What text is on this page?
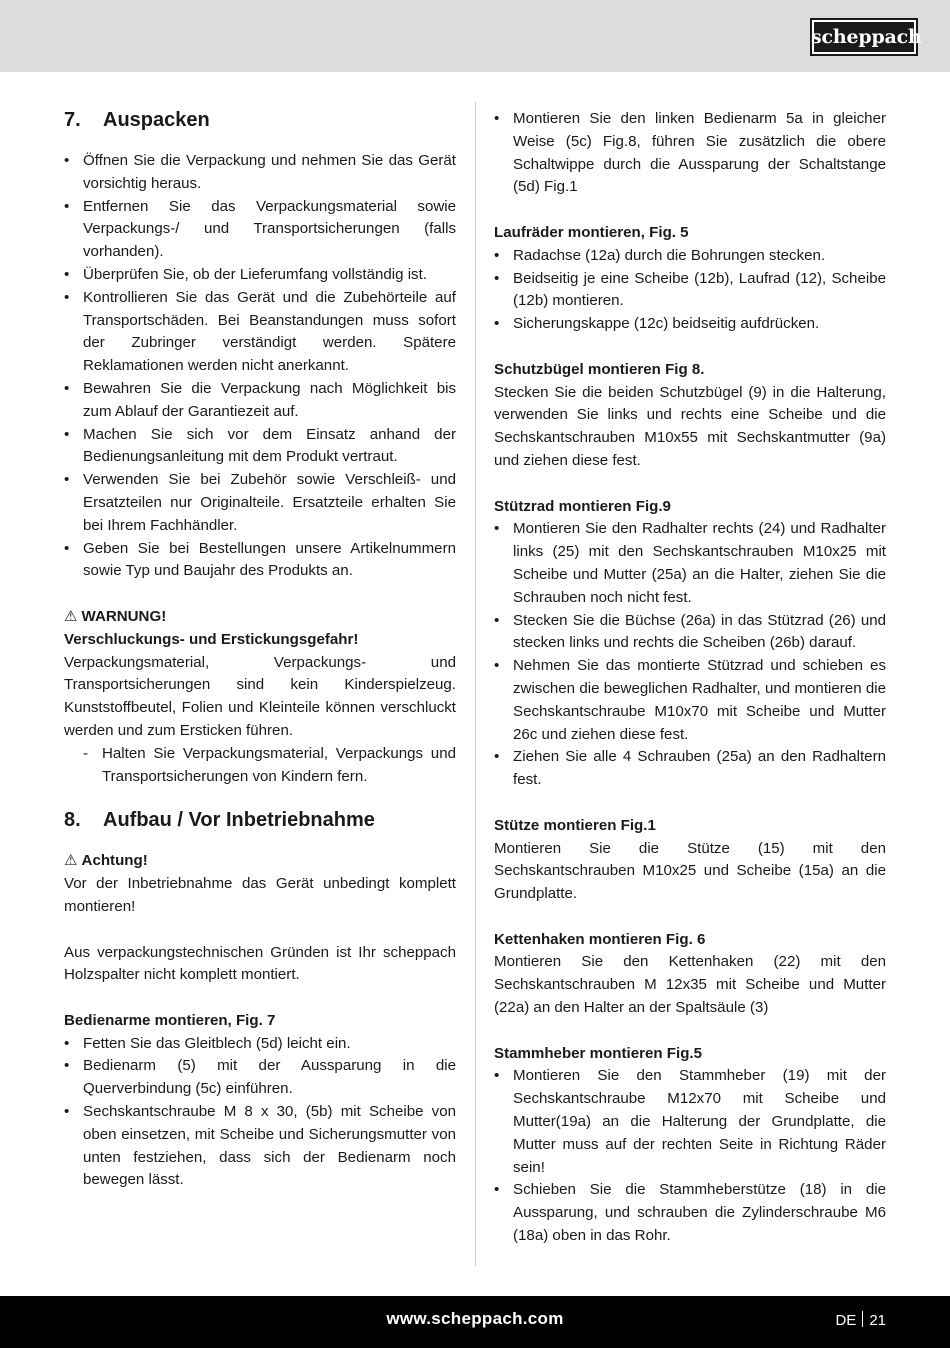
scheppach
7. Auspacken
• Öffnen Sie die Verpackung und nehmen Sie das Gerät vorsichtig heraus.
• Entfernen Sie das Verpackungsmaterial sowie Verpackungs-/ und Transportsicherungen (falls vorhanden).
• Überprüfen Sie, ob der Lieferumfang vollständig ist.
• Kontrollieren Sie das Gerät und die Zubehörteile auf Transportschäden. Bei Beanstandungen muss sofort der Zubringer verständigt werden. Spätere Reklamationen werden nicht anerkannt.
• Bewahren Sie die Verpackung nach Möglichkeit bis zum Ablauf der Garantiezeit auf.
• Machen Sie sich vor dem Einsatz anhand der Bedienungsanleitung mit dem Produkt vertraut.
• Verwenden Sie bei Zubehör sowie Verschleiß- und Ersatzteilen nur Originalteile. Ersatzteile erhalten Sie bei Ihrem Fachhändler.
• Geben Sie bei Bestellungen unsere Artikelnummern sowie Typ und Baujahr des Produkts an.

⚠ WARNUNG!

Verschluckungs- und Erstickungsgefahr!

Verpackungsmaterial, Verpackungs- und Transportsicherungen sind kein Kinderspielzeug. Kunststoffbeutel, Folien und Kleinteile können verschluckt werden und zum Ersticken führen.

- Halten Sie Verpackungsmaterial, Verpackungs und Transportsicherungen von Kindern fern.
8. Aufbau / Vor Inbetriebnahme

⚠ Achtung!

Vor der Inbetriebnahme das Gerät unbedingt komplett montieren!

Aus verpackungstechnischen Gründen ist Ihr scheppach Holzspalter nicht komplett montiert.

Bedienarme montieren, Fig. 7

• Fetten Sie das Gleitblech (5d) leicht ein.
• Bedienarm (5) mit der Aussparung in die Querverbindung (5c) einführen.
• Sechskantschraube M 8 x 30, (5b) mit Scheibe von oben einsetzen, mit Scheibe und Sicherungsmutter von unten festziehen, dass sich der Bedienarm noch bewegen lässt.
• Montieren Sie den linken Bedienarm 5a in gleicher Weise (5c) Fig.8, führen Sie zusätzlich die obere Schaltwippe durch die Aussparung der Schaltstange (5d) Fig.1

Laufräder montieren, Fig. 5

• Radachse (12a) durch die Bohrungen stecken.
• Beidseitig je eine Scheibe (12b), Laufrad (12), Scheibe (12b) montieren.
• Sicherungskappe (12c) beidseitig aufdrücken.

Schutzbügel montieren Fig 8.

Stecken Sie die beiden Schutzbügel (9) in die Halterung, verwenden Sie links und rechts eine Scheibe und die Sechskantschrauben M10x55 mit Sechskantmutter (9a) und ziehen diese fest.

Stützrad montieren Fig.9

• Montieren Sie den Radhalter rechts (24) und Radhalter links (25) mit den Sechskantschrauben M10x25 mit Scheibe und Mutter (25a) an die Halter, ziehen Sie die Schrauben noch nicht fest.
• Stecken Sie die Büchse (26a) in das Stützrad (26) und stecken links und rechts die Scheiben (26b) darauf.
• Nehmen Sie das montierte Stützrad und schieben es zwischen die beweglichen Radhalter, und montieren die Sechskantschraube M10x70 mit Scheibe und Mutter 26c und ziehen diese fest.
• Ziehen Sie alle 4 Schrauben (25a) an den Radhaltern fest.

Stütze montieren Fig.1

Montieren Sie die Stütze (15) mit den Sechskantschrauben M10x25 und Scheibe (15a) an die Grundplatte.

Kettenhaken montieren Fig. 6

Montieren Sie den Kettenhaken (22) mit den Sechskantschrauben M 12x35 mit Scheibe und Mutter (22a) an den Halter an der Spaltsäule (3)

Stammheber montieren Fig.5

• Montieren Sie den Stammheber (19) mit der Sechskantschraube M12x70 mit Scheibe und Mutter(19a) an die Halterung der Grundplatte, die Mutter muss auf der rechten Seite in Richtung Räder sein!
• Schieben Sie die Stammheberstütze (18) in die Aussparung, und schrauben die Zylinderschraube M6 (18a) oben in das Rohr.
www.scheppach.com	DE 21
